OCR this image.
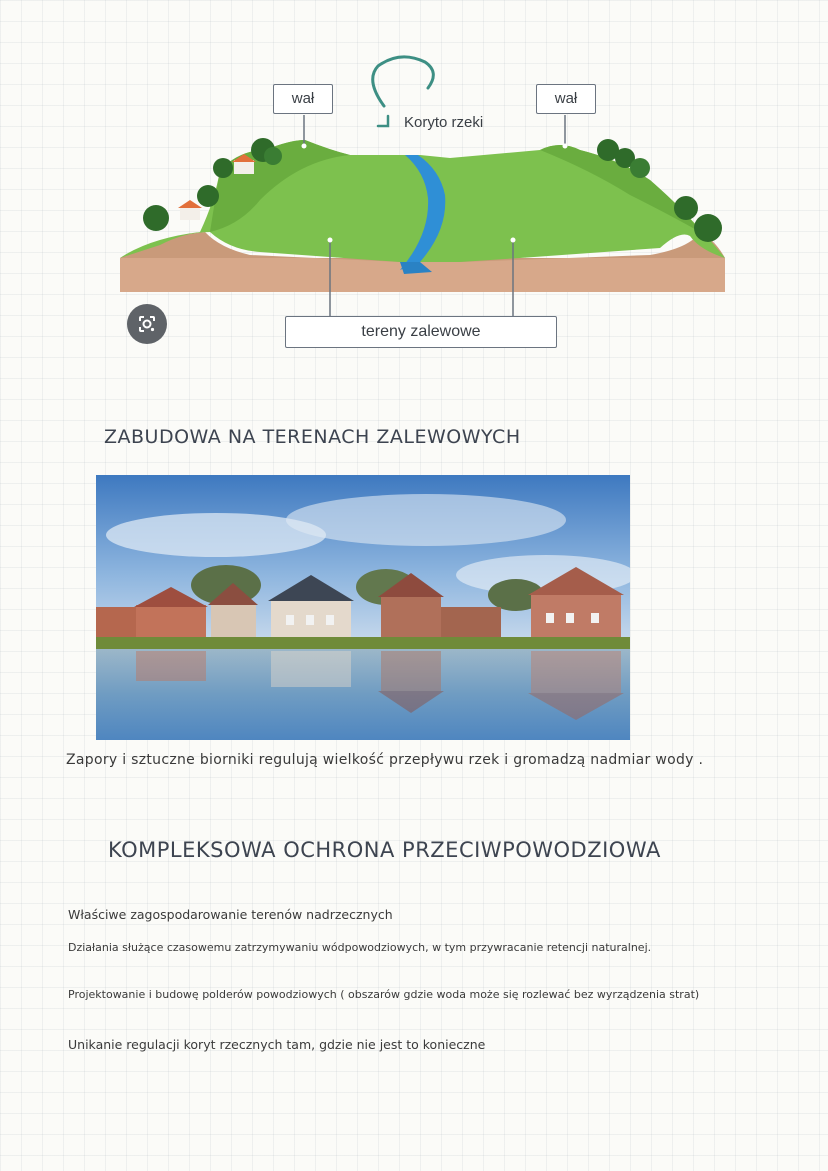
wał	wał
Koryto rzeki
tereny zalewowe
ZABUDOWA NA TERENACH ZALEWOWYCH

Zapory i sztuczne biorniki regulują wielkość przepływu rzek i gromadzą nadmiar wody .

KOMPLEKSOWA OCHRONA PRZECIWPOWODZIOWA

Właściwe zagospodarowanie terenów nadrzecznych

Działania służące czasowemu zatrzymywaniu wódpowodziowych, w tym przywracanie retencji naturalnej.

Projektowanie i budowę polderów powodziowych ( obszarów gdzie woda może się rozlewać bez wyrządzenia strat)

Unikanie regulacji koryt rzecznych tam, gdzie nie jest to konieczne
